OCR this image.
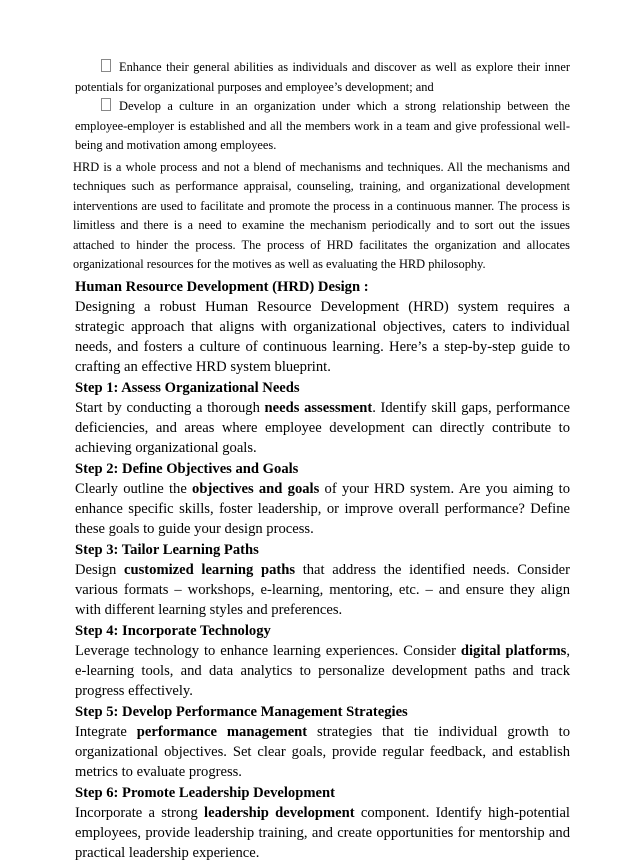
Enhance their general abilities as individuals and discover as well as explore their inner potentials for organizational purposes and employee’s development; and

Develop a culture in an organization under which a strong relationship between the employee-employer is established and all the members work in a team and give professional well-being and motivation among employees.

HRD is a whole process and not a blend of mechanisms and techniques. All the mechanisms and techniques such as performance appraisal, counseling, training, and organizational development interventions are used to facilitate and promote the process in a continuous manner. The process is limitless and there is a need to examine the mechanism periodically and to sort out the issues attached to hinder the process. The process of HRD facilitates the organization and allocates organizational resources for the motives as well as evaluating the HRD philosophy.

Human Resource Development (HRD) Design :

Designing a robust Human Resource Development (HRD) system requires a strategic approach that aligns with organizational objectives, caters to individual needs, and fosters a culture of continuous learning. Here’s a step-by-step guide to crafting an effective HRD system blueprint.

Step 1: Assess Organizational Needs

Start by conducting a thorough needs assessment. Identify skill gaps, performance deficiencies, and areas where employee development can directly contribute to achieving organizational goals.

Step 2: Define Objectives and Goals

Clearly outline the objectives and goals of your HRD system. Are you aiming to enhance specific skills, foster leadership, or improve overall performance? Define these goals to guide your design process.

Step 3: Tailor Learning Paths

Design customized learning paths that address the identified needs. Consider various formats – workshops, e-learning, mentoring, etc. – and ensure they align with different learning styles and preferences.

Step 4: Incorporate Technology

Leverage technology to enhance learning experiences. Consider digital platforms, e-learning tools, and data analytics to personalize development paths and track progress effectively.

Step 5: Develop Performance Management Strategies

Integrate performance management strategies that tie individual growth to organizational objectives. Set clear goals, provide regular feedback, and establish metrics to evaluate progress.

Step 6: Promote Leadership Development

Incorporate a strong leadership development component. Identify high-potential employees, provide leadership training, and create opportunities for mentorship and practical leadership experience.
